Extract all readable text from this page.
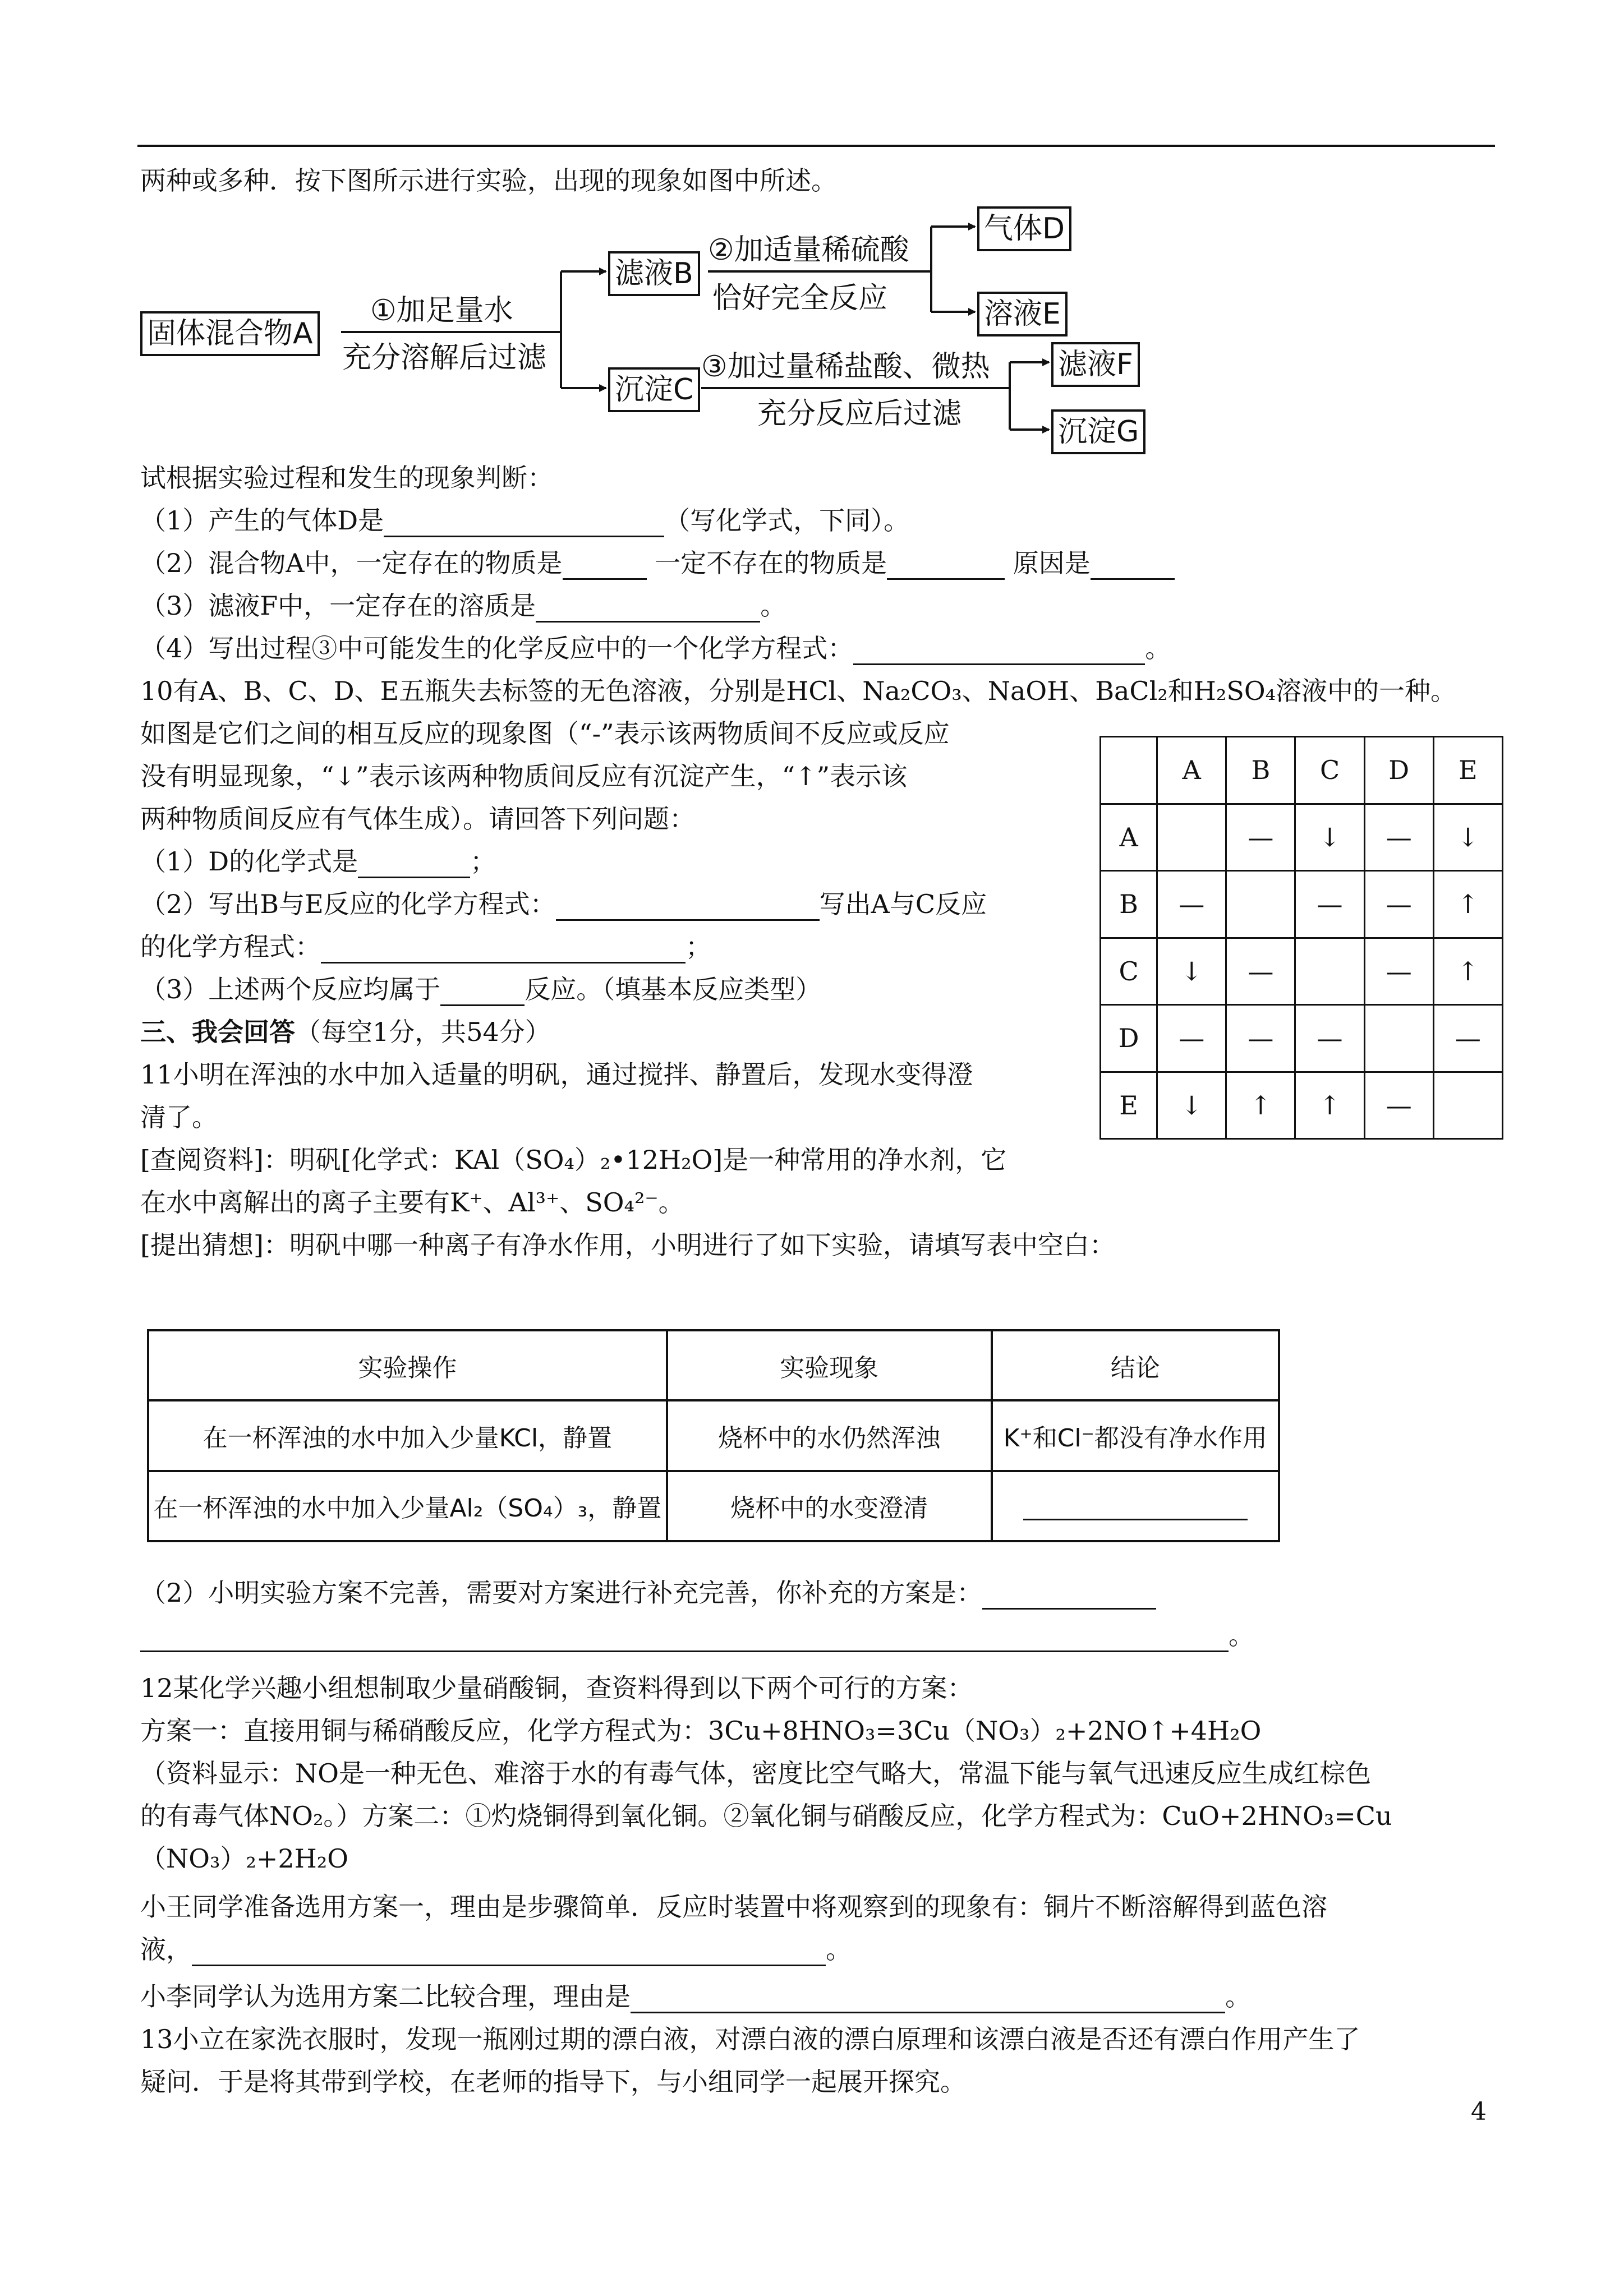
两种或多种．按下图所示进行实验，出现的现象如图中所述。
固体混合物A
①加足量水
充分溶解后过滤
滤液B
沉淀C
②加适量稀硫酸
恰好完全反应
气体D
溶液E
③加过量稀盐酸、微热
充分反应后过滤
滤液F
沉淀G
试根据实验过程和发生的现象判断：
（1）产生的气体D是	（写化学式，下同）。
（2）混合物A中，一定存在的物质是	一定不存在的物质是	原因是
（3）滤液F中，一定存在的溶质是	。
（4）写出过程③中可能发生的化学反应中的一个化学方程式：	。
10有A、B、C、D、E五瓶失去标签的无色溶液，分别是HCl、Na₂CO₃、NaOH、BaCl₂和H₂SO₄溶液中的一种。
如图是它们之间的相互反应的现象图（“-”表示该两物质间不反应或反应
没有明显现象，“↓”表示该两种物质间反应有沉淀产生，“↑”表示该
两种物质间反应有气体生成）。请回答下列问题：
（1）D的化学式是	；
（2）写出B与E反应的化学方程式：	写出A与C反应
的化学方程式：	；
（3）上述两个反应均属于	反应。（填基本反应类型）
	A	B	C	D	E
A		—	↓	—	↓
B	—		—	—	↑
C	↓	—		—	↑
D	—	—	—		—
E	↓	↑	↑	—	
三、我会回答（每空1分，共54分）
11小明在浑浊的水中加入适量的明矾，通过搅拌、静置后，发现水变得澄
清了。
[查阅资料]：明矾[化学式：KAl（SO₄）₂•12H₂O]是一种常用的净水剂，它
在水中离解出的离子主要有K⁺、Al³⁺、SO₄²⁻。
[提出猜想]：明矾中哪一种离子有净水作用，小明进行了如下实验，请填写表中空白：
实验操作	实验现象	结论
在一杯浑浊的水中加入少量KCl，静置	烧杯中的水仍然浑浊	K⁺和Cl⁻都没有净水作用
在一杯浑浊的水中加入少量Al₂（SO₄）₃，静置	烧杯中的水变澄清	
（2）小明实验方案不完善，需要对方案进行补充完善，你补充的方案是：
。
12某化学兴趣小组想制取少量硝酸铜，查资料得到以下两个可行的方案：
方案一：直接用铜与稀硝酸反应，化学方程式为：3Cu+8HNO₃=3Cu（NO₃）₂+2NO↑+4H₂O
（资料显示：NO是一种无色、难溶于水的有毒气体，密度比空气略大，常温下能与氧气迅速反应生成红棕色
的有毒气体NO₂。）方案二：①灼烧铜得到氧化铜。②氧化铜与硝酸反应，化学方程式为：CuO+2HNO₃=Cu
（NO₃）₂+2H₂O
小王同学准备选用方案一，理由是步骤简单．反应时装置中将观察到的现象有：铜片不断溶解得到蓝色溶
液，	。
小李同学认为选用方案二比较合理，理由是	。
13小立在家洗衣服时，发现一瓶刚过期的漂白液，对漂白液的漂白原理和该漂白液是否还有漂白作用产生了
疑问．于是将其带到学校，在老师的指导下，与小组同学一起展开探究。
4
